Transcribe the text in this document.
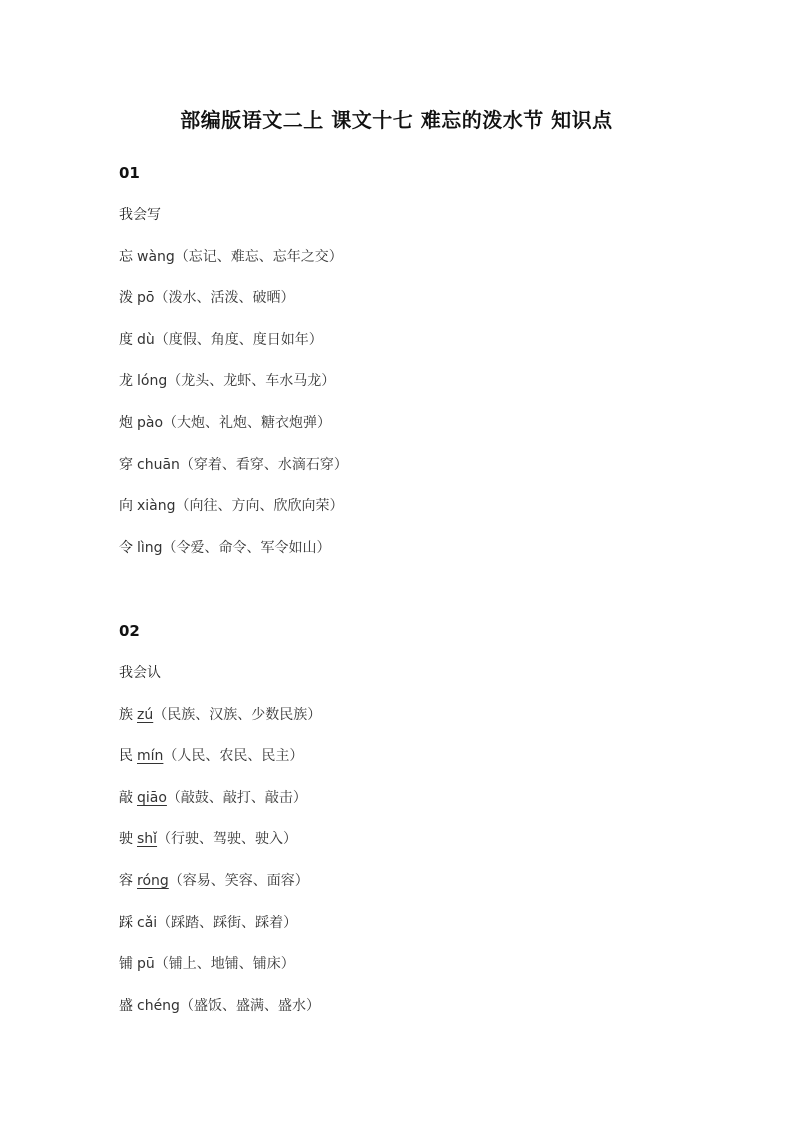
部编版语文二上 课文十七 难忘的泼水节 知识点
01
我会写
忘 wàng（忘记、难忘、忘年之交）
泼 pō（泼水、活泼、破晒）
度 dù（度假、角度、度日如年）
龙 lóng（龙头、龙虾、车水马龙）
炮 pào（大炮、礼炮、糖衣炮弹）
穿 chuān（穿着、看穿、水滴石穿）
向 xiàng（向往、方向、欣欣向荣）
令 lìng（令爱、命令、军令如山）
02
我会认
族 zú（民族、汉族、少数民族）
民 mín（人民、农民、民主）
敲 qiāo（敲鼓、敲打、敲击）
驶 shǐ（行驶、驾驶、驶入）
容 róng（容易、笑容、面容）
踩 cǎi（踩踏、踩街、踩着）
铺 pū（铺上、地铺、铺床）
盛 chéng（盛饭、盛满、盛水）
